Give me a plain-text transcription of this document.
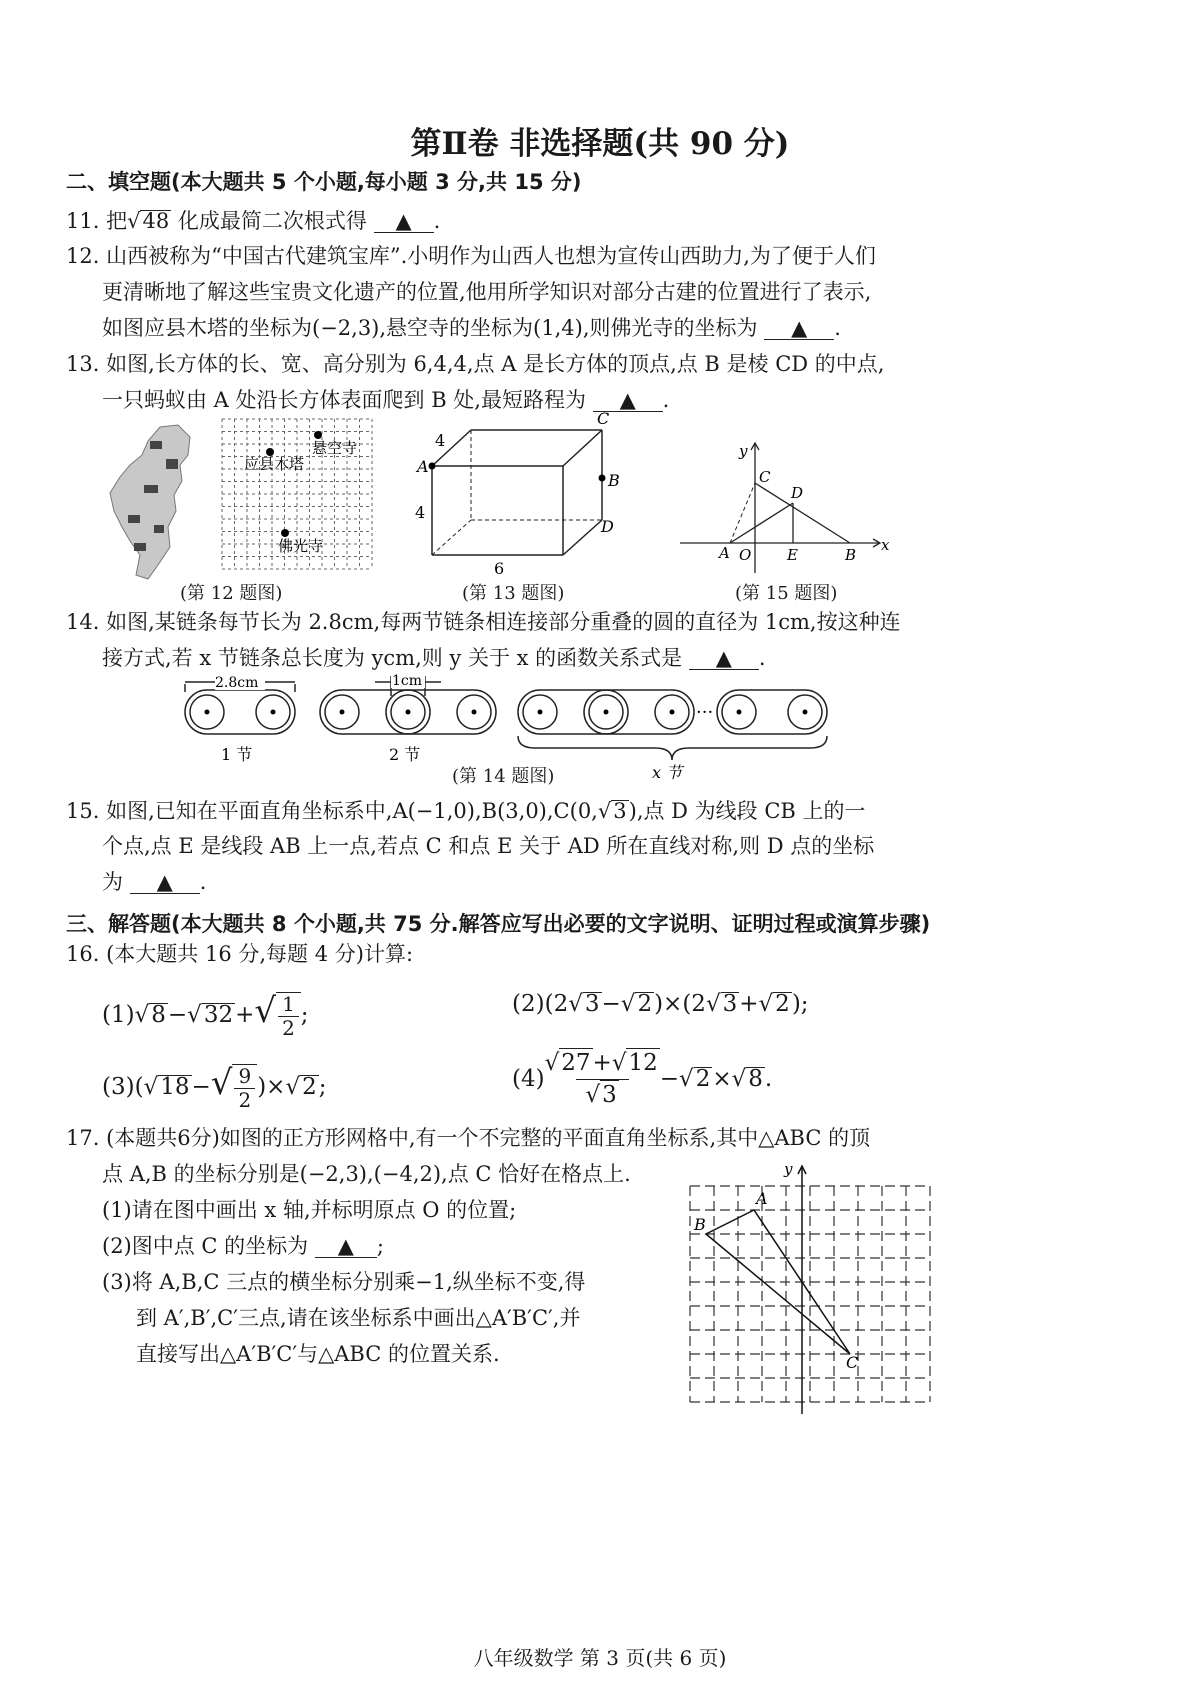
第Ⅱ卷 非选择题(共 90 分)
二、填空题(本大题共 5 个小题,每小题 3 分,共 15 分)
11. 把√48 化成最简二次根式得 ▲ .
12. 山西被称为“中国古代建筑宝库”.小明作为山西人也想为宣传山西助力,为了便于人们
更清晰地了解这些宝贵文化遗产的位置,他用所学知识对部分古建的位置进行了表示,
如图应县木塔的坐标为(−2,3),悬空寺的坐标为(1,4),则佛光寺的坐标为 ▲ .
13. 如图,长方体的长、宽、高分别为 6,4,4,点 A 是长方体的顶点,点 B 是棱 CD 的中点,
一只蚂蚁由 A 处沿长方体表面爬到 B 处,最短路程为 ▲ .
悬空寺
应县木塔
佛光寺
(第 12 题图)
A
B
C
D
4
4
6
(第 13 题图)
y
x
C
D
A O E	B
(第 15 题图)
14. 如图,某链条每节长为 2.8cm,每两节链条相连接部分重叠的圆的直径为 1cm,按这种连
接方式,若 x 节链条总长度为 ycm,则 y 关于 x 的函数关系式是 ▲ .
2.8cm	1cm
···
1 节	2 节
x 节
(第 14 题图)
15. 如图,已知在平面直角坐标系中,A(−1,0),B(3,0),C(0,√3),点 D 为线段 CB 上的一
个点,点 E 是线段 AB 上一点,若点 C 和点 E 关于 AD 所在直线对称,则 D 点的坐标
为 ▲ .
三、解答题(本大题共 8 个小题,共 75 分.解答应写出必要的文字说明、证明过程或演算步骤)
16. (本大题共 16 分,每题 4 分)计算:
$(1)√8-√32+√ \frac{1}{2}$ ;	(2)(2√3−√2)×(2√3+√2);
$(3)(√18-√ \frac{9}{2} )\times√2$;	$(4) \frac{√27+√12}{√3}$ − √ 2 × √ 8 .
17. (本题共6分)如图的正方形网格中,有一个不完整的平面直角坐标系,其中△ABC 的顶
点 A,B 的坐标分别是(−2,3),(−4,2),点 C 恰好在格点上.
(1)请在图中画出 x 轴,并标明原点 O 的位置;
(2)图中点 C 的坐标为 ▲ ;
(3)将 A,B,C 三点的横坐标分别乘−1,纵坐标不变,得
到 A′,B′,C′三点,请在该坐标系中画出△A′B′C′,并
直接写出△A′B′C′与△ABC 的位置关系.
y
A
B
C
八年级数学 第 3 页(共 6 页)
